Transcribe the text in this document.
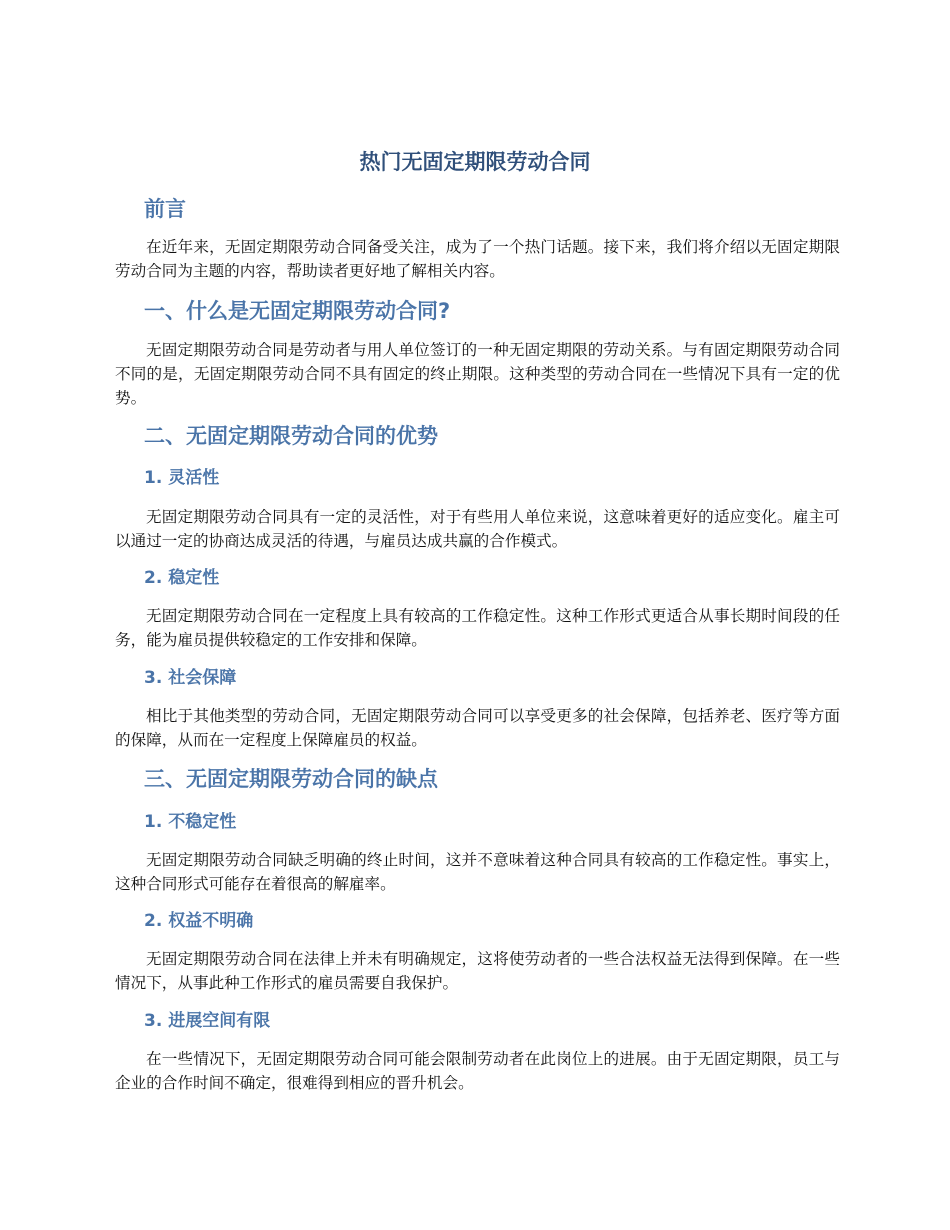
热门无固定期限劳动合同
前言

在近年来，无固定期限劳动合同备受关注，成为了一个热门话题。接下来，我们将介绍以无固定期限劳动合同为主题的内容，帮助读者更好地了解相关内容。

一、什么是无固定期限劳动合同?

无固定期限劳动合同是劳动者与用人单位签订的一种无固定期限的劳动关系。与有固定期限劳动合同不同的是，无固定期限劳动合同不具有固定的终止期限。这种类型的劳动合同在一些情况下具有一定的优势。

二、无固定期限劳动合同的优势
1. 灵活性

无固定期限劳动合同具有一定的灵活性，对于有些用人单位来说，这意味着更好的适应变化。雇主可以通过一定的协商达成灵活的待遇，与雇员达成共赢的合作模式。

2. 稳定性

无固定期限劳动合同在一定程度上具有较高的工作稳定性。这种工作形式更适合从事长期时间段的任务，能为雇员提供较稳定的工作安排和保障。

3. 社会保障

相比于其他类型的劳动合同，无固定期限劳动合同可以享受更多的社会保障，包括养老、医疗等方面的保障，从而在一定程度上保障雇员的权益。

三、无固定期限劳动合同的缺点
1. 不稳定性

无固定期限劳动合同缺乏明确的终止时间，这并不意味着这种合同具有较高的工作稳定性。事实上，这种合同形式可能存在着很高的解雇率。

2. 权益不明确

无固定期限劳动合同在法律上并未有明确规定，这将使劳动者的一些合法权益无法得到保障。在一些情况下，从事此种工作形式的雇员需要自我保护。

3. 进展空间有限

在一些情况下，无固定期限劳动合同可能会限制劳动者在此岗位上的进展。由于无固定期限，员工与企业的合作时间不确定，很难得到相应的晋升机会。
